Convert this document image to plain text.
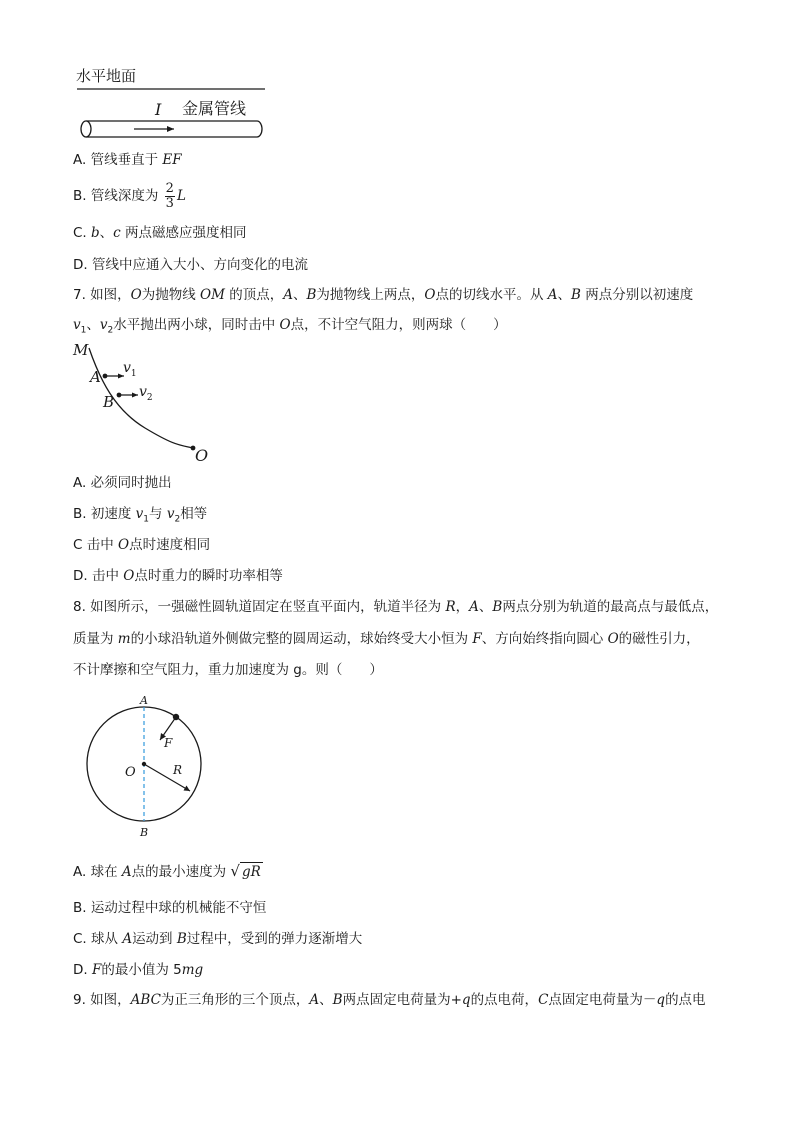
水平地面
I 金属管线
A. 管线垂直于 EF
B. 管线深度为 $\frac{2}{3}$ L
C. b、c 两点磁感应强度相同
D. 管线中应通入大小、方向变化的电流
7. 如图，O为抛物线 OM 的顶点，A、B为抛物线上两点，O点的切线水平。从 A、B 两点分别以初速度
$v_1$、$v_2$水平抛出两小球，同时击中 O点，不计空气阻力，则两球（　　）
M
A
B
O
$v_1$
$v_2$
A. 必须同时抛出
B. 初速度 $v_1$与 $v_2$相等
C 击中 O点时速度相同
D. 击中 O点时重力的瞬时功率相等
8. 如图所示，一强磁性圆轨道固定在竖直平面内，轨道半径为 R，A、B两点分别为轨道的最高点与最低点，
质量为 m的小球沿轨道外侧做完整的圆周运动，球始终受大小恒为 F、方向始终指向圆心 O的磁性引力，
不计摩擦和空气阻力，重力加速度为 g。则（　　）
A
F
O	R
B
A. 球在 A点的最小速度为 √ gR
B. 运动过程中球的机械能不守恒
C. 球从 A运动到 B过程中，受到的弹力逐渐增大
D. F的最小值为 5mg
9. 如图，ABC为正三角形的三个顶点，A、B两点固定电荷量为+q的点电荷，C点固定电荷量为－q的点电
